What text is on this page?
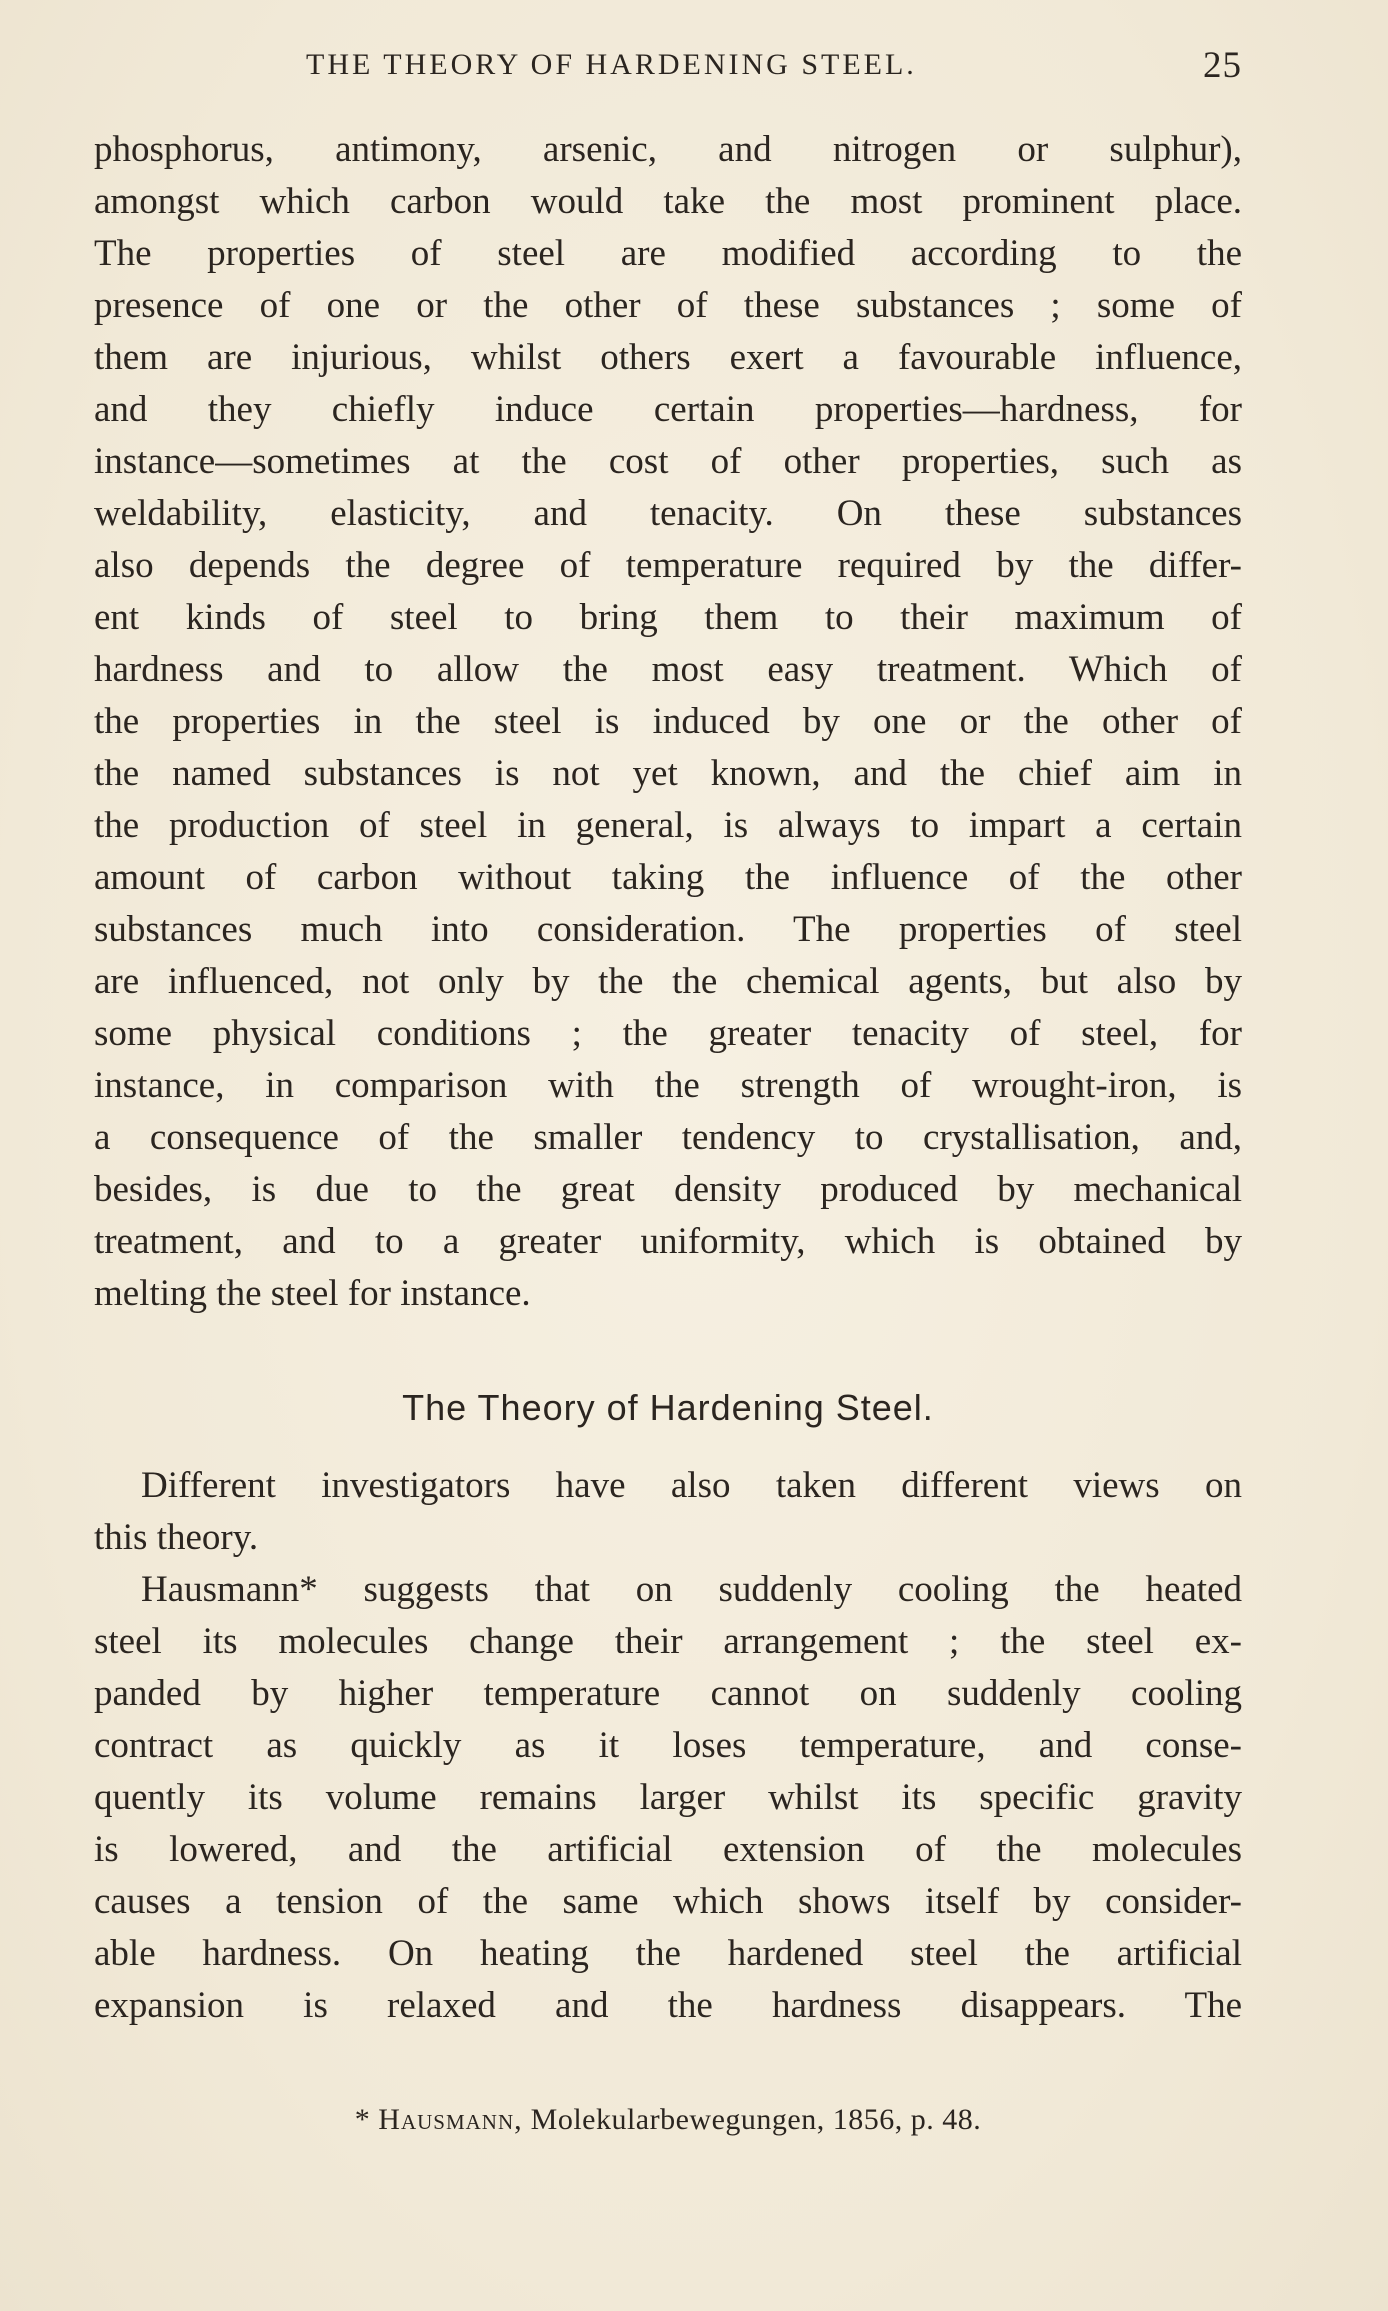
THE THEORY OF HARDENING STEEL.	25
phosphorus, antimony, arsenic, and nitrogen or sulphur),
amongst which carbon would take the most prominent place.
The properties of steel are modified according to the
presence of one or the other of these substances ; some of
them are injurious, whilst others exert a favourable influence,
and they chiefly induce certain properties—hardness, for
instance—sometimes at the cost of other properties, such as
weldability, elasticity, and tenacity. On these substances
also depends the degree of temperature required by the differ-
ent kinds of steel to bring them to their maximum of
hardness and to allow the most easy treatment. Which of
the properties in the steel is induced by one or the other of
the named substances is not yet known, and the chief aim in
the production of steel in general, is always to impart a certain
amount of carbon without taking the influence of the other
substances much into consideration. The properties of steel
are influenced, not only by the the chemical agents, but also by
some physical conditions ; the greater tenacity of steel, for
instance, in comparison with the strength of wrought-iron, is
a consequence of the smaller tendency to crystallisation, and,
besides, is due to the great density produced by mechanical
treatment, and to a greater uniformity, which is obtained by
melting the steel for instance.
The Theory of Hardening Steel.
Different investigators have also taken different views on
this theory.
Hausmann* suggests that on suddenly cooling the heated
steel its molecules change their arrangement ; the steel ex-
panded by higher temperature cannot on suddenly cooling
contract as quickly as it loses temperature, and conse-
quently its volume remains larger whilst its specific gravity
is lowered, and the artificial extension of the molecules
causes a tension of the same which shows itself by consider-
able hardness. On heating the hardened steel the artificial
expansion is relaxed and the hardness disappears. The
* Hausmann, Molekularbewegungen, 1856, p. 48.
